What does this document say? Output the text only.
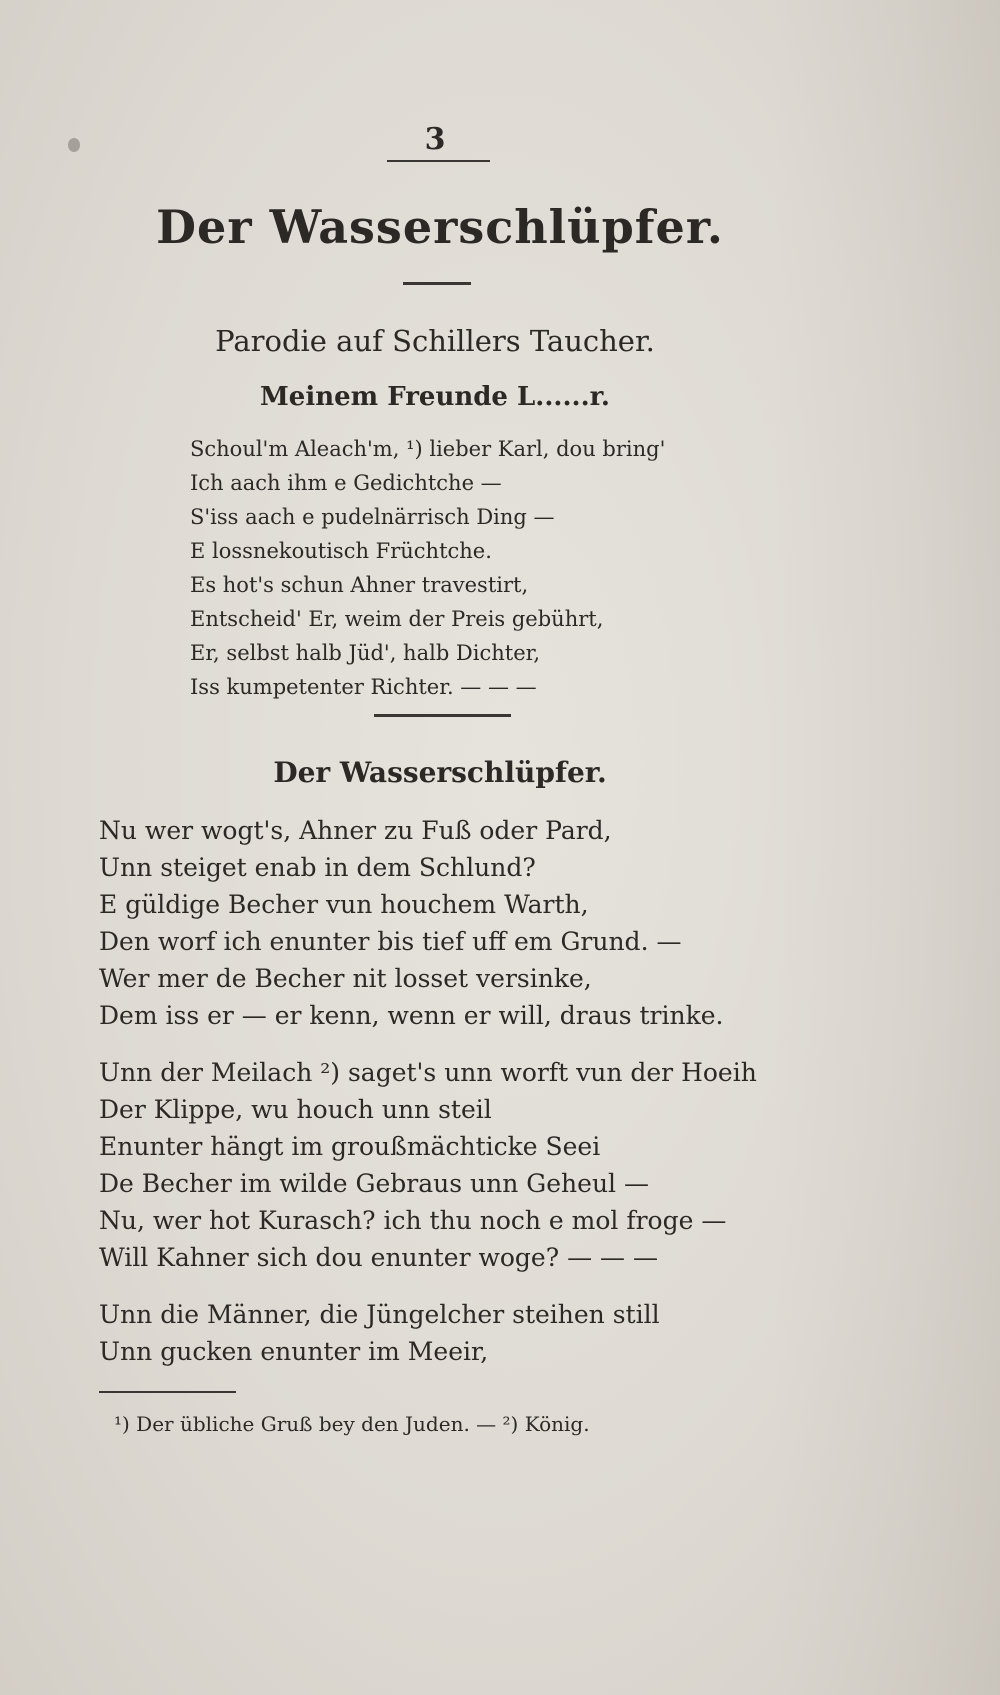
3
Der Wasserschlüpfer.
Parodie auf Schillers Taucher.
Meinem Freunde L......r.
Schoul'm Aleach'm, ¹) lieber Karl, dou bring'
Ich aach ihm e Gedichtche —
S'iss aach e pudelnärrisch Ding —
E lossnekoutisch Früchtche.
Es hot's schun Ahner travestirt,
Entscheid' Er, weim der Preis gebührt,
Er, selbst halb Jüd', halb Dichter,
Iss kumpetenter Richter. — — —
Der Wasserschlüpfer.
Nu wer wogt's, Ahner zu Fuß oder Pard,
Unn steiget enab in dem Schlund?
E güldige Becher vun houchem Warth,
Den worf ich enunter bis tief uff em Grund. —
Wer mer de Becher nit losset versinke,
Dem iss er — er kenn, wenn er will, draus trinke.
Unn der Meilach ²) saget's unn worft vun der Hoeih
Der Klippe, wu houch unn steil
Enunter hängt im groußmächticke Seei
De Becher im wilde Gebraus unn Geheul —
Nu, wer hot Kurasch? ich thu noch e mol froge —
Will Kahner sich dou enunter woge? — — —
Unn die Männer, die Jüngelcher steihen still
Unn gucken enunter im Meeir,
¹) Der übliche Gruß bey den Juden. — ²) König.
